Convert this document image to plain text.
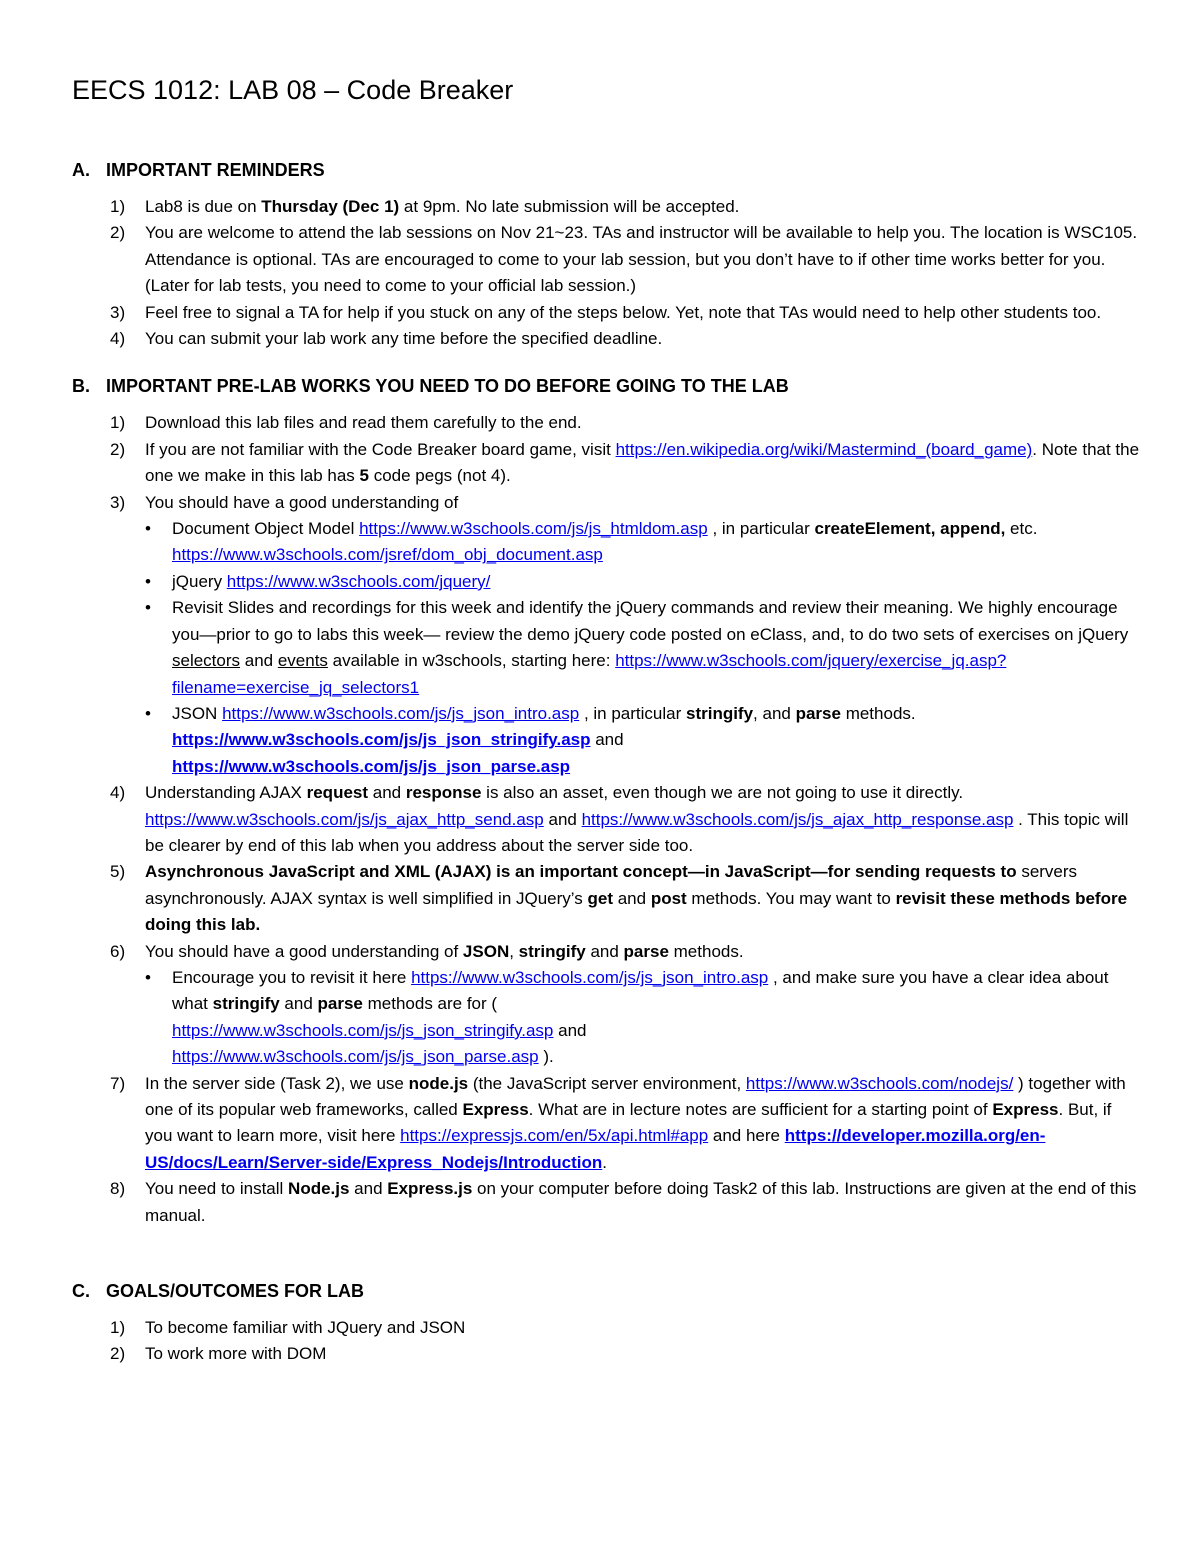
EECS 1012: LAB 08 – Code Breaker
A. IMPORTANT REMINDERS
1) Lab8 is due on Thursday (Dec 1) at 9pm. No late submission will be accepted.
2) You are welcome to attend the lab sessions on Nov 21~23. TAs and instructor will be available to help you. The location is WSC105. Attendance is optional. TAs are encouraged to come to your lab session, but you don’t have to if other time works better for you. (Later for lab tests, you need to come to your official lab session.)
3) Feel free to signal a TA for help if you stuck on any of the steps below. Yet, note that TAs would need to help other students too.
4) You can submit your lab work any time before the specified deadline.
B. IMPORTANT PRE-LAB WORKS YOU NEED TO DO BEFORE GOING TO THE LAB
1) Download this lab files and read them carefully to the end.
2) If you are not familiar with the Code Breaker board game, visit https://en.wikipedia.org/wiki/Mastermind_(board_game). Note that the one we make in this lab has 5 code pegs (not 4).
3) You should have a good understanding of
• Document Object Model https://www.w3schools.com/js/js_htmldom.asp , in particular createElement, append, etc. https://www.w3schools.com/jsref/dom_obj_document.asp
• jQuery https://www.w3schools.com/jquery/
• Revisit Slides and recordings for this week and identify the jQuery commands and review their meaning. We highly encourage you—prior to go to labs this week— review the demo jQuery code posted on eClass, and, to do two sets of exercises on jQuery selectors and events available in w3schools, starting here: https://www.w3schools.com/jquery/exercise_jq.asp?filename=exercise_jq_selectors1
• JSON https://www.w3schools.com/js/js_json_intro.asp , in particular stringify, and parse methods.
https://www.w3schools.com/js/js_json_stringify.asp and
https://www.w3schools.com/js/js_json_parse.asp
4) Understanding AJAX request and response is also an asset, even though we are not going to use it directly. https://www.w3schools.com/js/js_ajax_http_send.asp and https://www.w3schools.com/js/js_ajax_http_response.asp . This topic will be clearer by end of this lab when you address about the server side too.
5) Asynchronous JavaScript and XML (AJAX) is an important concept—in JavaScript—for sending requests to servers asynchronously. AJAX syntax is well simplified in JQuery’s get and post methods. You may want to revisit these methods before doing this lab.
6) You should have a good understanding of JSON, stringify and parse methods.
• Encourage you to revisit it here https://www.w3schools.com/js/js_json_intro.asp , and make sure you have a clear idea about what stringify and parse methods are for (
https://www.w3schools.com/js/js_json_stringify.asp and
https://www.w3schools.com/js/js_json_parse.asp ).
7) In the server side (Task 2), we use node.js (the JavaScript server environment, https://www.w3schools.com/nodejs/ ) together with one of its popular web frameworks, called Express. What are in lecture notes are sufficient for a starting point of Express. But, if you want to learn more, visit here https://expressjs.com/en/5x/api.html#app and here https://developer.mozilla.org/en-US/docs/Learn/Server-side/Express_Nodejs/Introduction.
8) You need to install Node.js and Express.js on your computer before doing Task2 of this lab. Instructions are given at the end of this manual.
C. GOALS/OUTCOMES FOR LAB
1) To become familiar with JQuery and JSON
2) To work more with DOM
